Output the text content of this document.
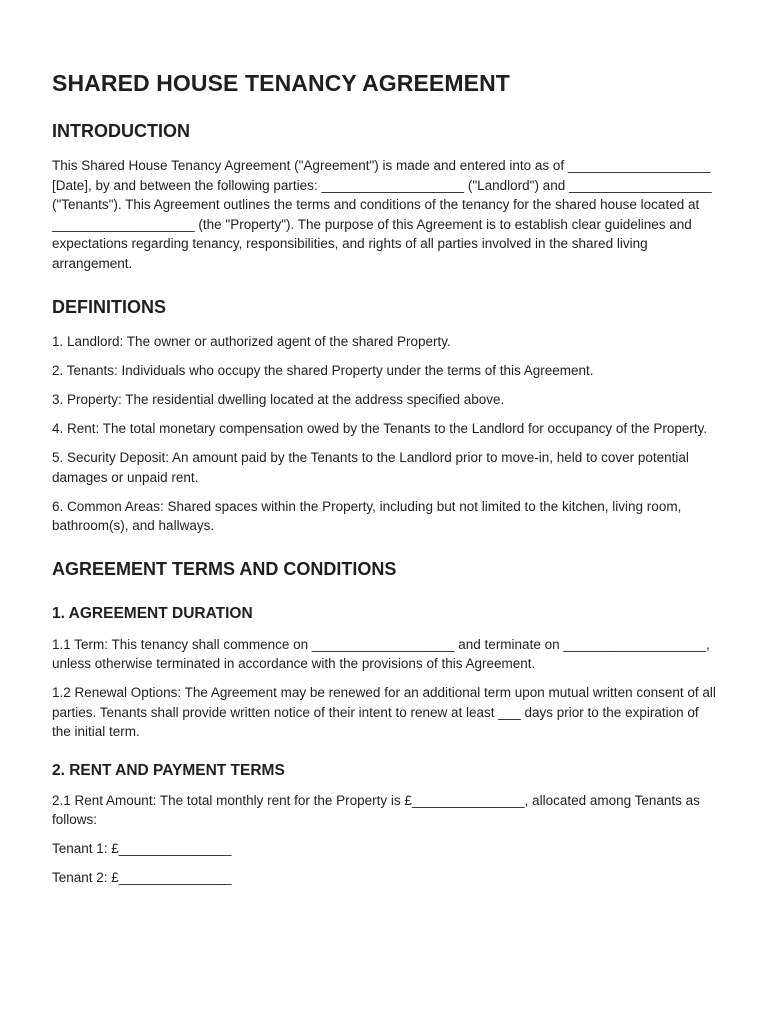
SHARED HOUSE TENANCY AGREEMENT
INTRODUCTION

This Shared House Tenancy Agreement ("Agreement") is made and entered into as of ___________________ [Date], by and between the following parties: ___________________ ("Landlord") and ___________________ ("Tenants"). This Agreement outlines the terms and conditions of the tenancy for the shared house located at ___________________ (the "Property"). The purpose of this Agreement is to establish clear guidelines and expectations regarding tenancy, responsibilities, and rights of all parties involved in the shared living arrangement.

DEFINITIONS

1. Landlord: The owner or authorized agent of the shared Property.

2. Tenants: Individuals who occupy the shared Property under the terms of this Agreement.

3. Property: The residential dwelling located at the address specified above.

4. Rent: The total monetary compensation owed by the Tenants to the Landlord for occupancy of the Property.

5. Security Deposit: An amount paid by the Tenants to the Landlord prior to move-in, held to cover potential damages or unpaid rent.

6. Common Areas: Shared spaces within the Property, including but not limited to the kitchen, living room, bathroom(s), and hallways.

AGREEMENT TERMS AND CONDITIONS
1. AGREEMENT DURATION

1.1 Term: This tenancy shall commence on ___________________ and terminate on ___________________, unless otherwise terminated in accordance with the provisions of this Agreement.

1.2 Renewal Options: The Agreement may be renewed for an additional term upon mutual written consent of all parties. Tenants shall provide written notice of their intent to renew at least ___ days prior to the expiration of the initial term.

2. RENT AND PAYMENT TERMS

2.1 Rent Amount: The total monthly rent for the Property is £_______________, allocated among Tenants as follows:

Tenant 1: £_______________

Tenant 2: £_______________
